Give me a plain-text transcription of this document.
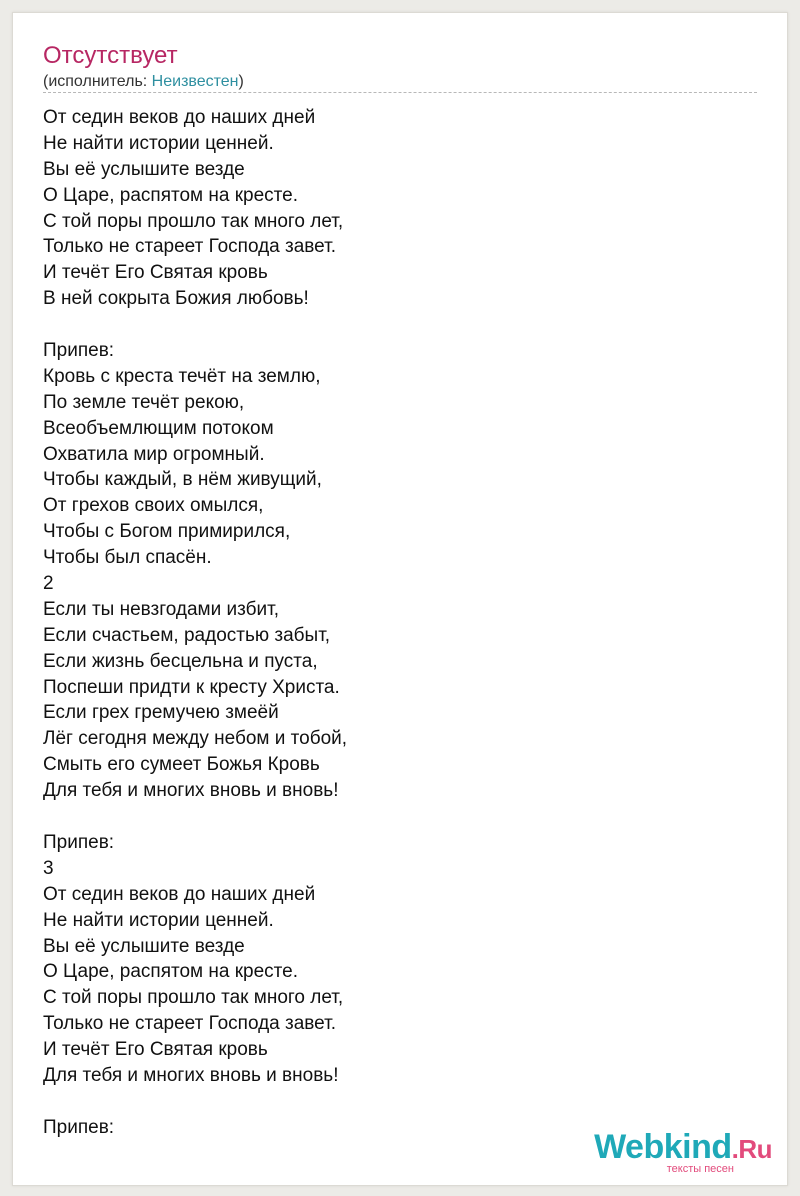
Отсутствует
(исполнитель: Неизвестен)
От седин веков до наших дней
Не найти истории ценней.
Вы её услышите везде
О Царе, распятом на кресте.
С той поры прошло так много лет,
Только не стареет Господа завет.
И течёт Его Святая кровь
В ней сокрыта Божия любовь!
Припев:
Кровь с креста течёт на землю,
По земле течёт рекою,
Всеобъемлющим потоком
Охватила мир огромный.
Чтобы каждый, в нём живущий,
От грехов своих омылся,
Чтобы с Богом примирился,
Чтобы был спасён.
2
Если ты невзгодами избит,
Если счастьем, радостью забыт,
Если жизнь бесцельна и пуста,
Поспеши придти к кресту Христа.
Если грех гремучею змеёй
Лёг сегодня между небом и тобой,
Смыть его сумеет Божья Кровь
Для тебя и многих вновь и вновь!
Припев:
3
От седин веков до наших дней
Не найти истории ценней.
Вы её услышите везде
О Царе, распятом на кресте.
С той поры прошло так много лет,
Только не стареет Господа завет.
И течёт Его Святая кровь
Для тебя и многих вновь и вновь!
Припев:
Webkind.Ru
тексты песен
